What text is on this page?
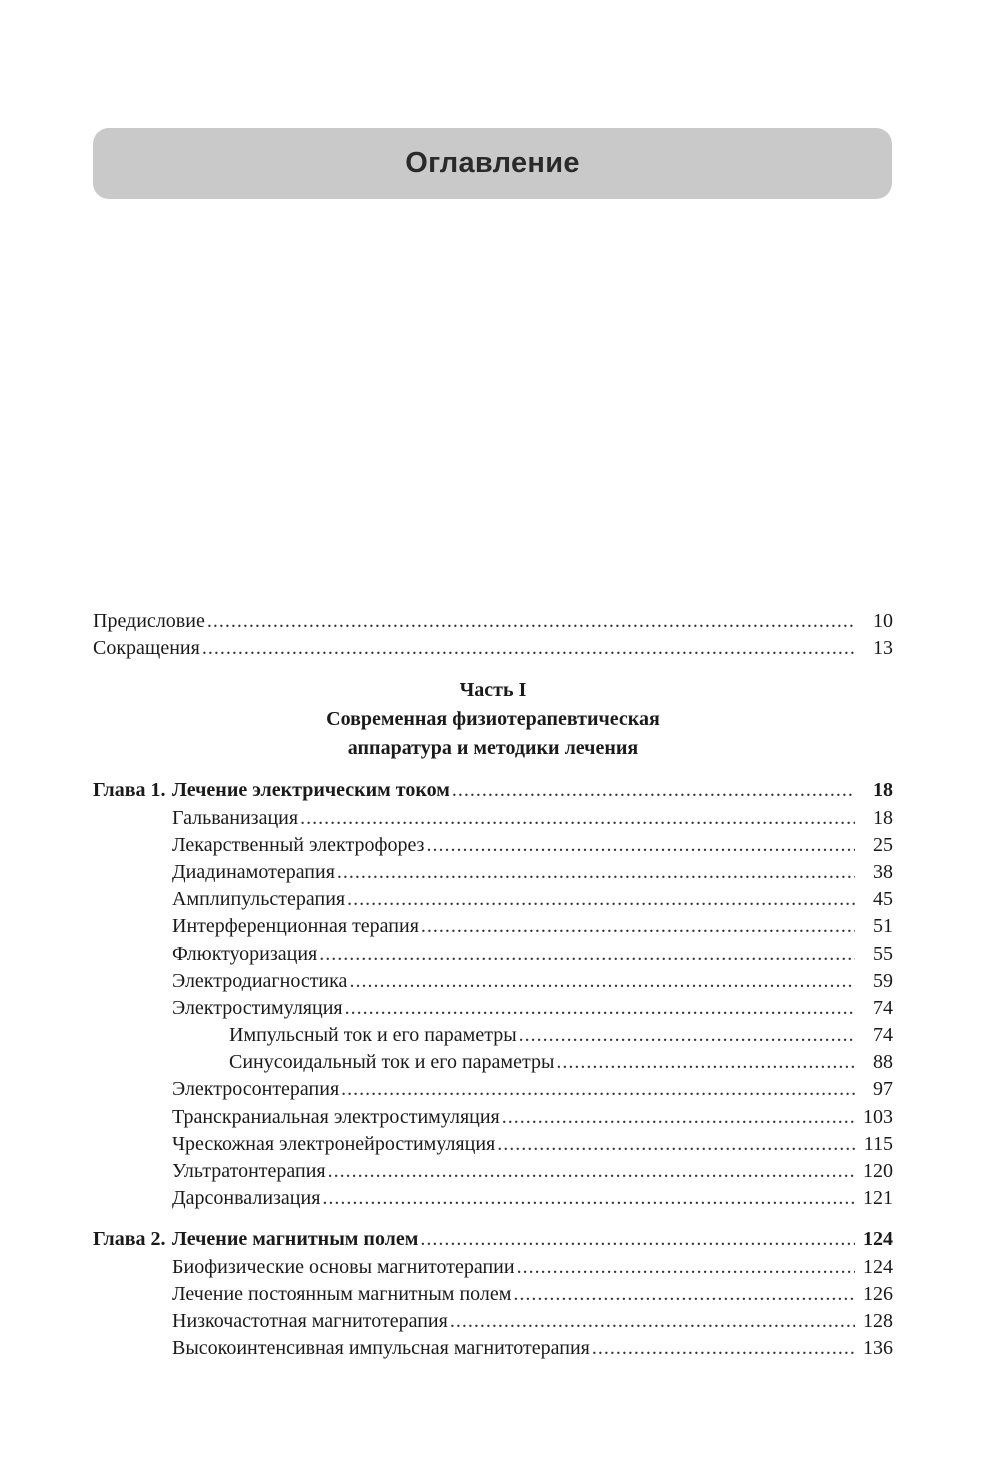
Оглавление
Предисловие .....	10
Сокращения .....	13
Часть I
Современная физиотерапевтическая
аппаратура и методики лечения
Глава 1. Лечение электрическим током .....	18
Гальванизация .....	18
Лекарственный электрофорез .....	25
Диадинамотерапия .....	38
Амплипульстерапия .....	45
Интерференционная терапия .....	51
Флюктуоризация .....	55
Электродиагностика .....	59
Электростимуляция .....	74
Импульсный ток и его параметры .....	74
Синусоидальный ток и его параметры .....	88
Электросонтерапия .....	97
Транскраниальная электростимуляция .....	103
Чрескожная электронейростимуляция .....	115
Ультратонтерапия .....	120
Дарсонвализация .....	121
Глава 2. Лечение магнитным полем .....	124
Биофизические основы магнитотерапии .....	124
Лечение постоянным магнитным полем .....	126
Низкочастотная магнитотерапия .....	128
Высокоинтенсивная импульсная магнитотерапия .....	136
